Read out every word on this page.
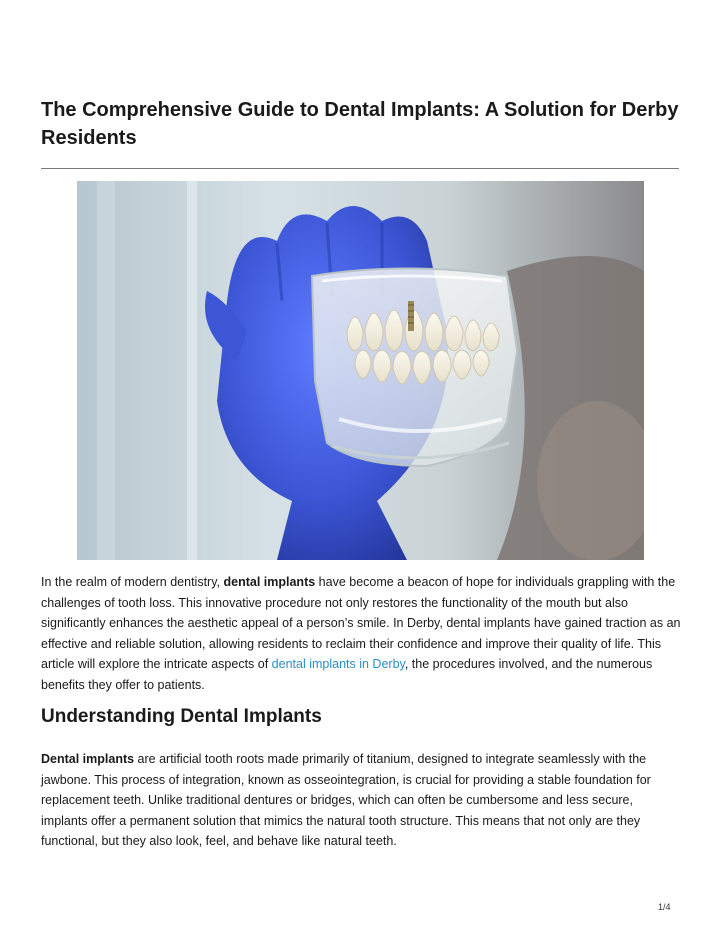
The Comprehensive Guide to Dental Implants: A Solution for Derby Residents

In the realm of modern dentistry, dental implants have become a beacon of hope for individuals grappling with the challenges of tooth loss. This innovative procedure not only restores the functionality of the mouth but also significantly enhances the aesthetic appeal of a person’s smile. In Derby, dental implants have gained traction as an effective and reliable solution, allowing residents to reclaim their confidence and improve their quality of life. This article will explore the intricate aspects of dental implants in Derby, the procedures involved, and the numerous benefits they offer to patients.

Understanding Dental Implants

Dental implants are artificial tooth roots made primarily of titanium, designed to integrate seamlessly with the jawbone. This process of integration, known as osseointegration, is crucial for providing a stable foundation for replacement teeth. Unlike traditional dentures or bridges, which can often be cumbersome and less secure, implants offer a permanent solution that mimics the natural tooth structure. This means that not only are they functional, but they also look, feel, and behave like natural teeth.

1/4
